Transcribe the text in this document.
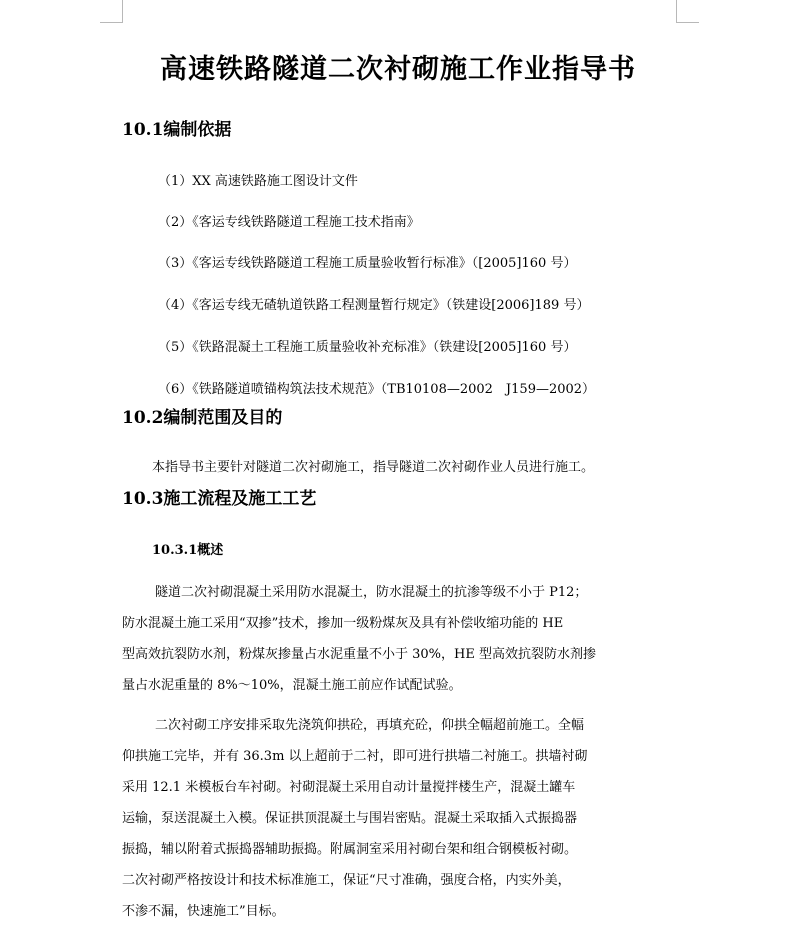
高速铁路隧道二次衬砌施工作业指导书
10.1编制依据
（1）XX 高速铁路施工图设计文件
（2）《客运专线铁路隧道工程施工技术指南》
（3）《客运专线铁路隧道工程施工质量验收暂行标准》（[2005]160 号）
（4）《客运专线无碴轨道铁路工程测量暂行规定》（铁建设[2006]189 号）
（5）《铁路混凝土工程施工质量验收补充标准》（铁建设[2005]160 号）
（6）《铁路隧道喷锚构筑法技术规范》（TB10108—2002　J159—2002）
10.2编制范围及目的
本指导书主要针对隧道二次衬砌施工，指导隧道二次衬砌作业人员进行施工。
10.3施工流程及施工工艺
10.3.1概述
隧道二次衬砌混凝土采用防水混凝土，防水混凝土的抗渗等级不小于 P12；
防水混凝土施工采用“双掺”技术，掺加一级粉煤灰及具有补偿收缩功能的 HE
型高效抗裂防水剂，粉煤灰掺量占水泥重量不小于 30%，HE 型高效抗裂防水剂掺
量占水泥重量的 8%～10%，混凝土施工前应作试配试验。
二次衬砌工序安排采取先浇筑仰拱砼，再填充砼，仰拱全幅超前施工。全幅
仰拱施工完毕，并有 36.3m 以上超前于二衬，即可进行拱墙二衬施工。拱墙衬砌
采用 12.1 米模板台车衬砌。衬砌混凝土采用自动计量搅拌楼生产，混凝土罐车
运输，泵送混凝土入模。保证拱顶混凝土与围岩密贴。混凝土采取插入式振捣器
振捣，辅以附着式振捣器辅助振捣。附属洞室采用衬砌台架和组合钢模板衬砌。
二次衬砌严格按设计和技术标准施工，保证“尺寸准确，强度合格，内实外美，
不渗不漏，快速施工”目标。
